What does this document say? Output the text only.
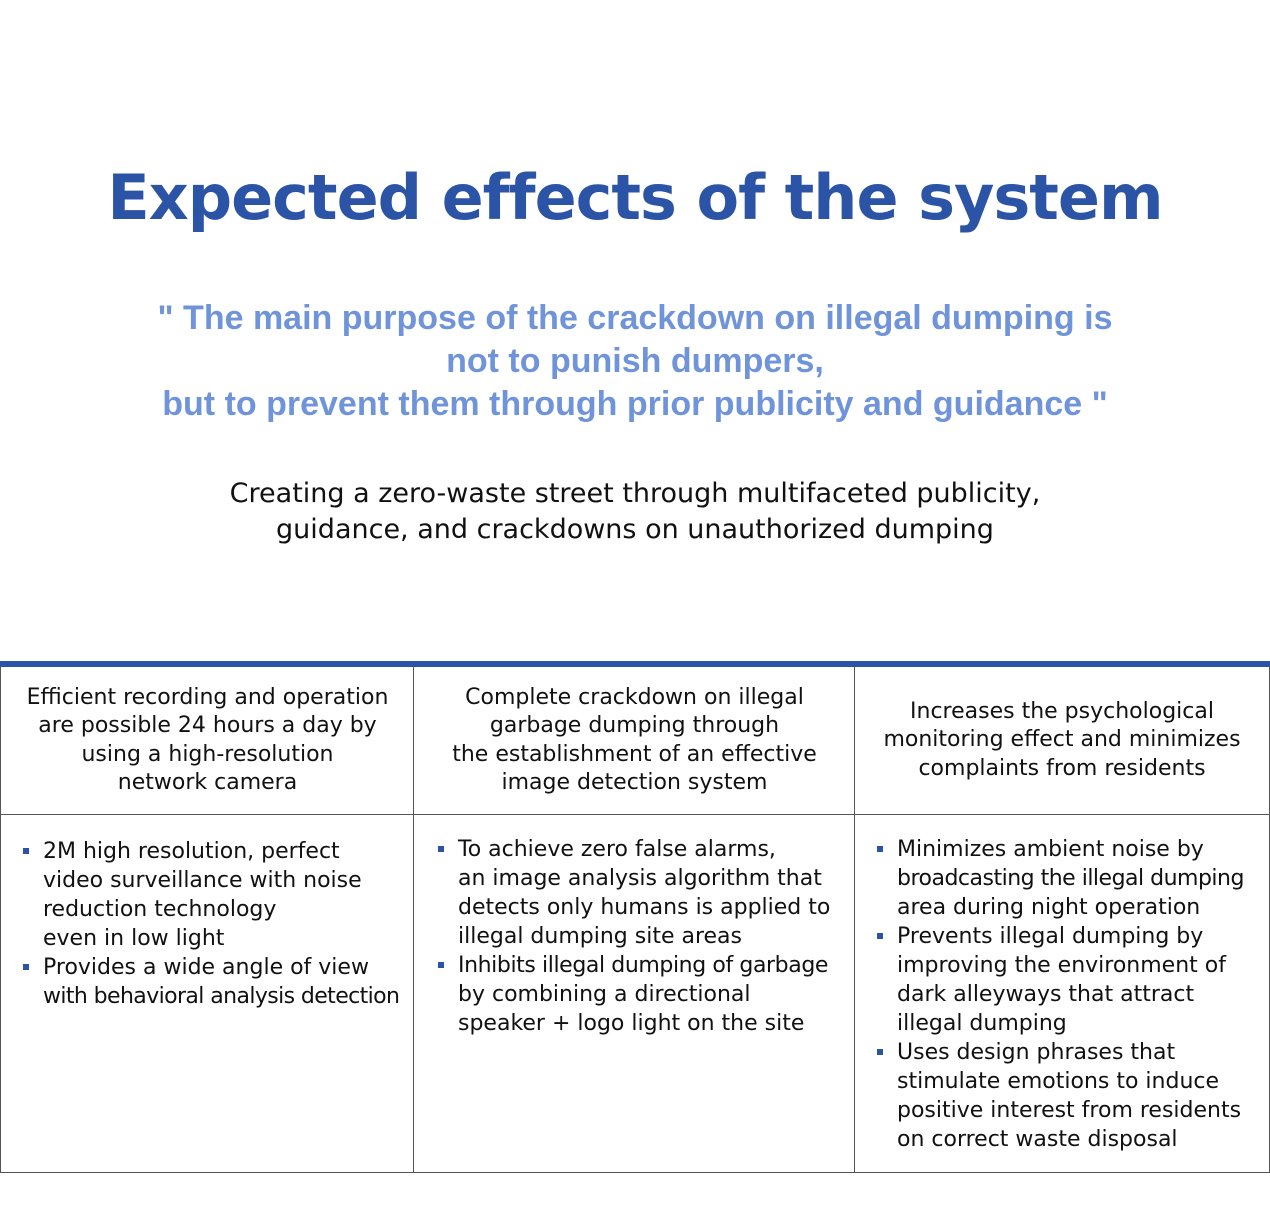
Expected effects of the system
" The main purpose of the crackdown on illegal dumping is
not to punish dumpers,
but to prevent them through prior publicity and guidance "
Creating a zero-waste street through multifaceted publicity,
guidance, and crackdowns on unauthorized dumping
Efficient recording and operation
are possible 24 hours a day by
using a high-resolution
network camera
2M high resolution, perfect
video surveillance with noise
reduction technology
even in low light
Provides a wide angle of view
with behavioral analysis detection
Complete crackdown on illegal
garbage dumping through
the establishment of an effective
image detection system
To achieve zero false alarms,
an image analysis algorithm that
detects only humans is applied to
illegal dumping site areas
Inhibits illegal dumping of garbage
by combining a directional
speaker + logo light on the site
Increases the psychological
monitoring effect and minimizes
complaints from residents
Minimizes ambient noise by
broadcasting the illegal dumping
area during night operation
Prevents illegal dumping by
improving the environment of
dark alleyways that attract
illegal dumping
Uses design phrases that
stimulate emotions to induce
positive interest from residents
on correct waste disposal
